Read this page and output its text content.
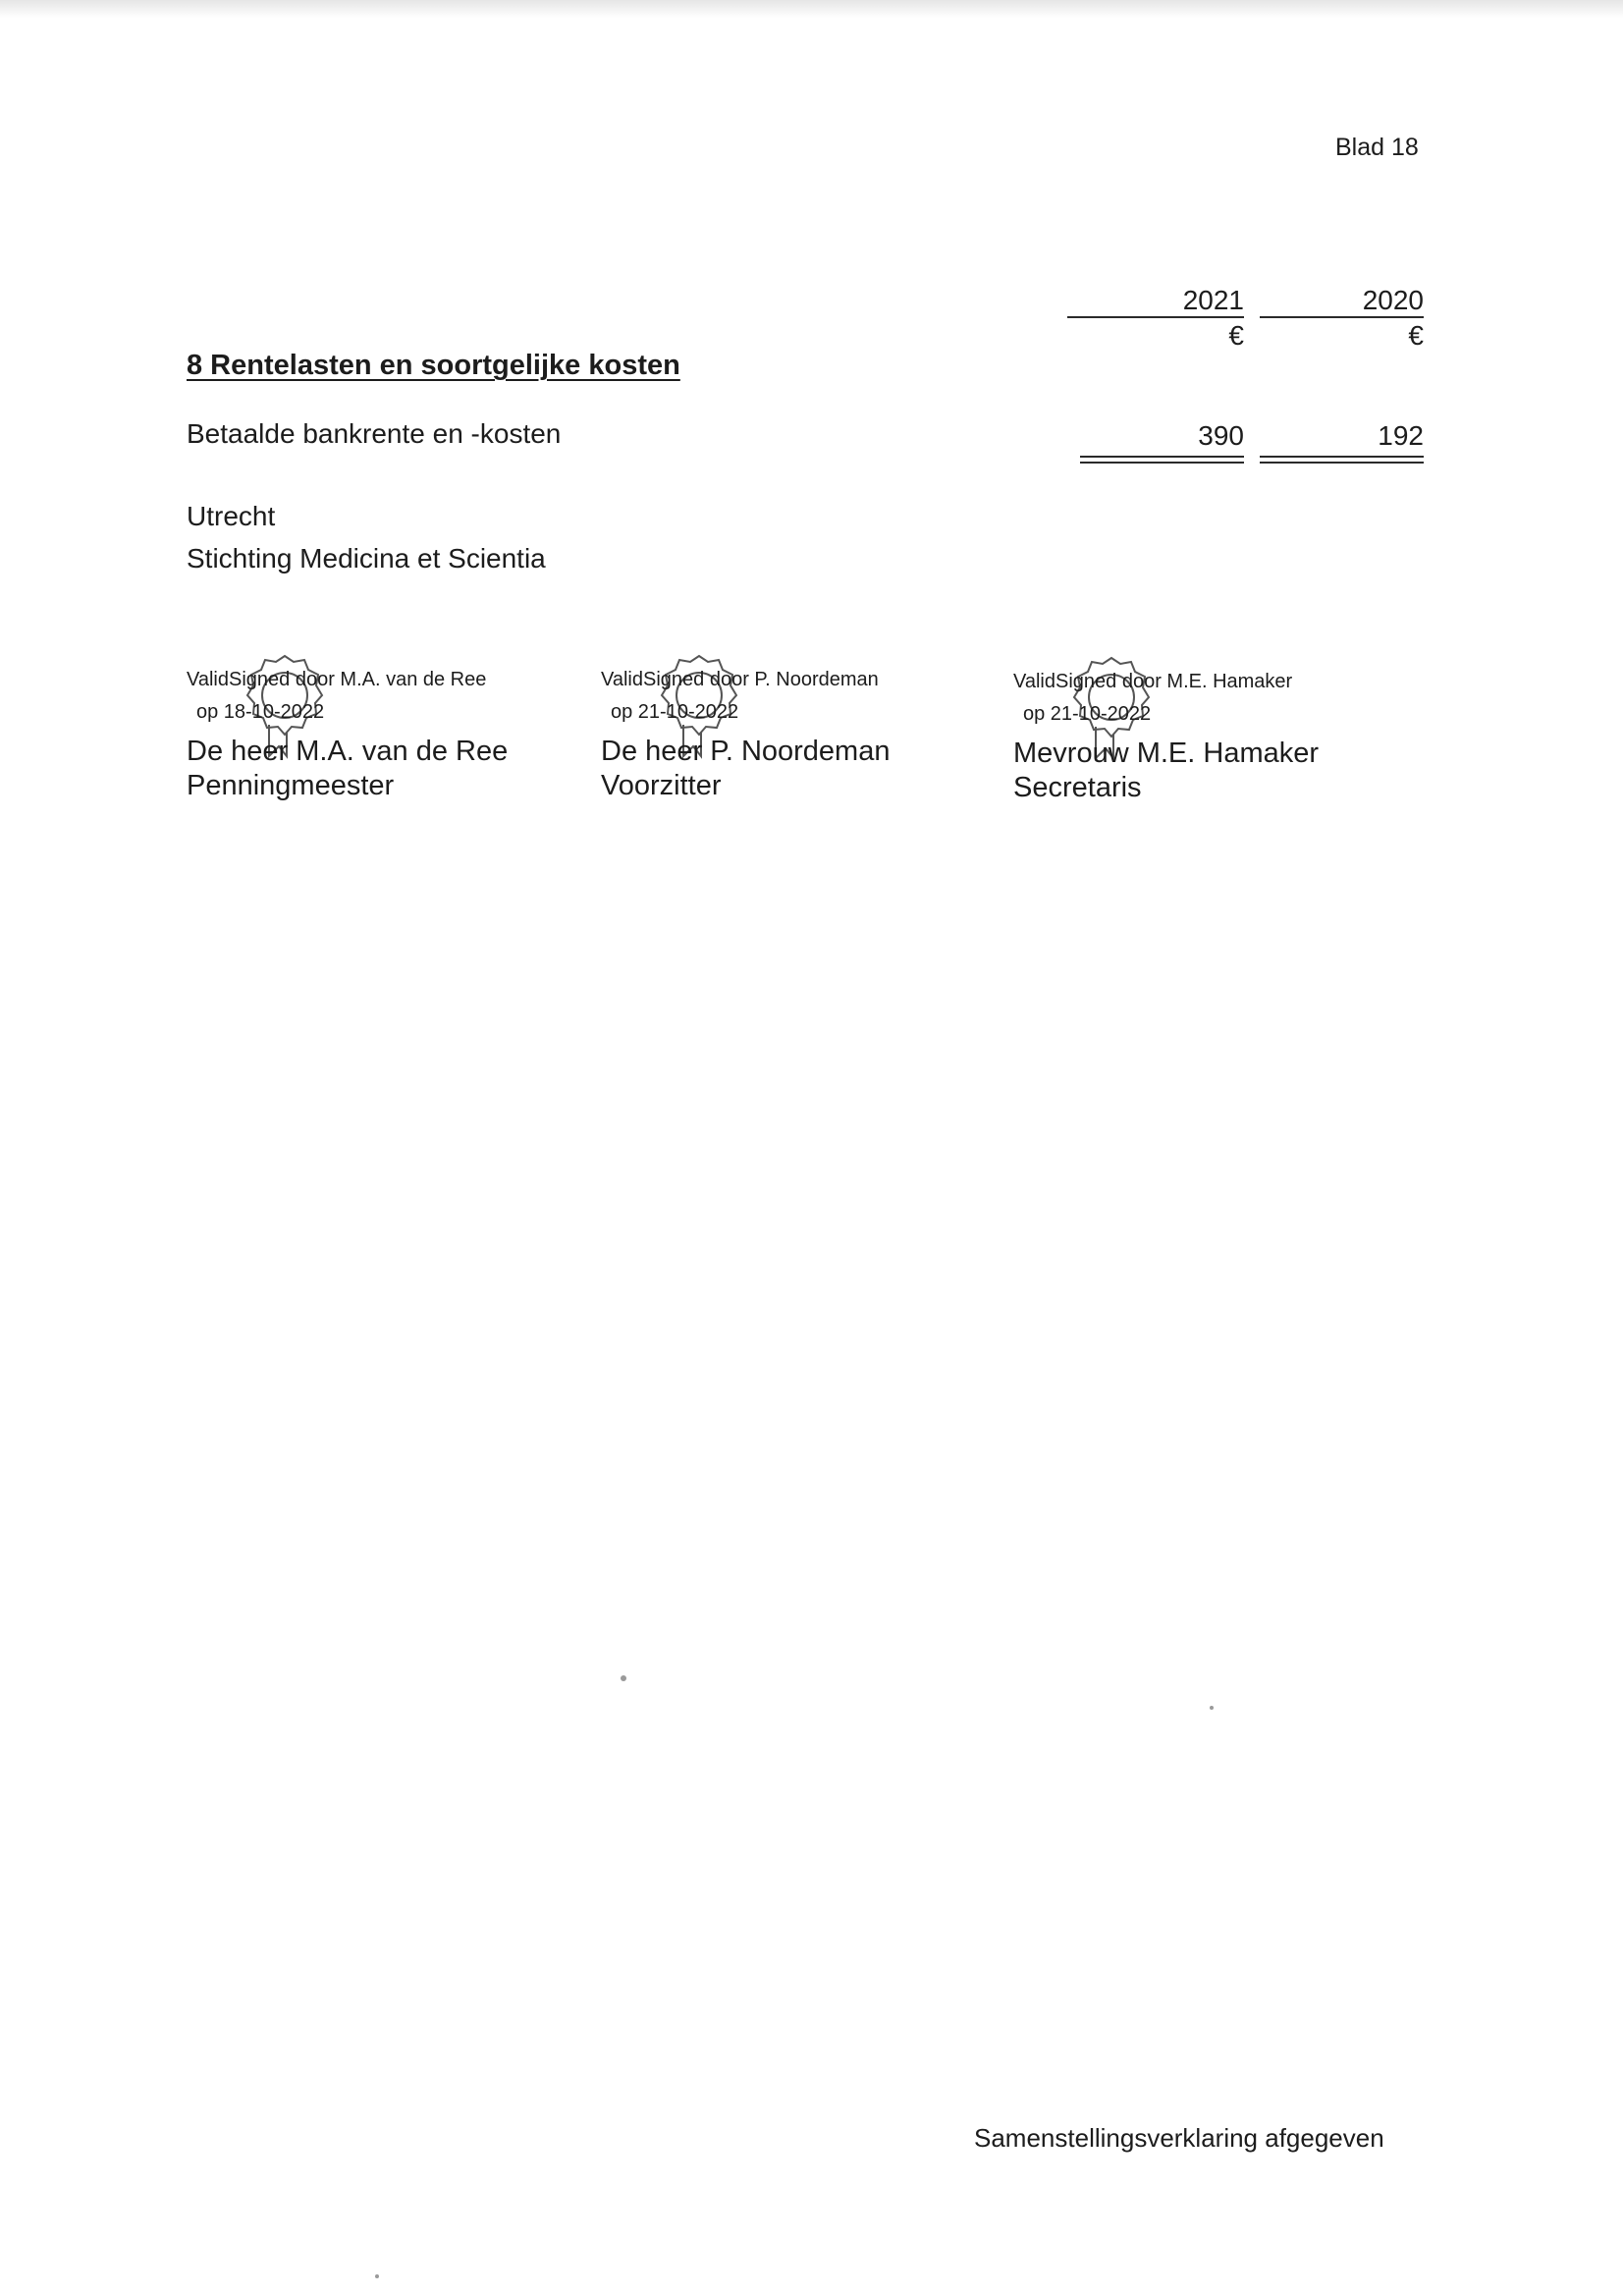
Blad 18
2021	2020
€	€
8 Rentelasten en soortgelijke kosten
Betaalde bankrente en -kosten	390	192
Utrecht
Stichting Medicina et Scientia
ValidSigned door M.A. van de Ree
op 18-10-2022
De heer M.A. van de Ree
Penningmeester
ValidSigned door P. Noordeman
op 21-10-2022
De heer P. Noordeman
Voorzitter
ValidSigned door M.E. Hamaker
op 21-10-2022
Mevrouw M.E. Hamaker
Secretaris
Samenstellingsverklaring afgegeven
